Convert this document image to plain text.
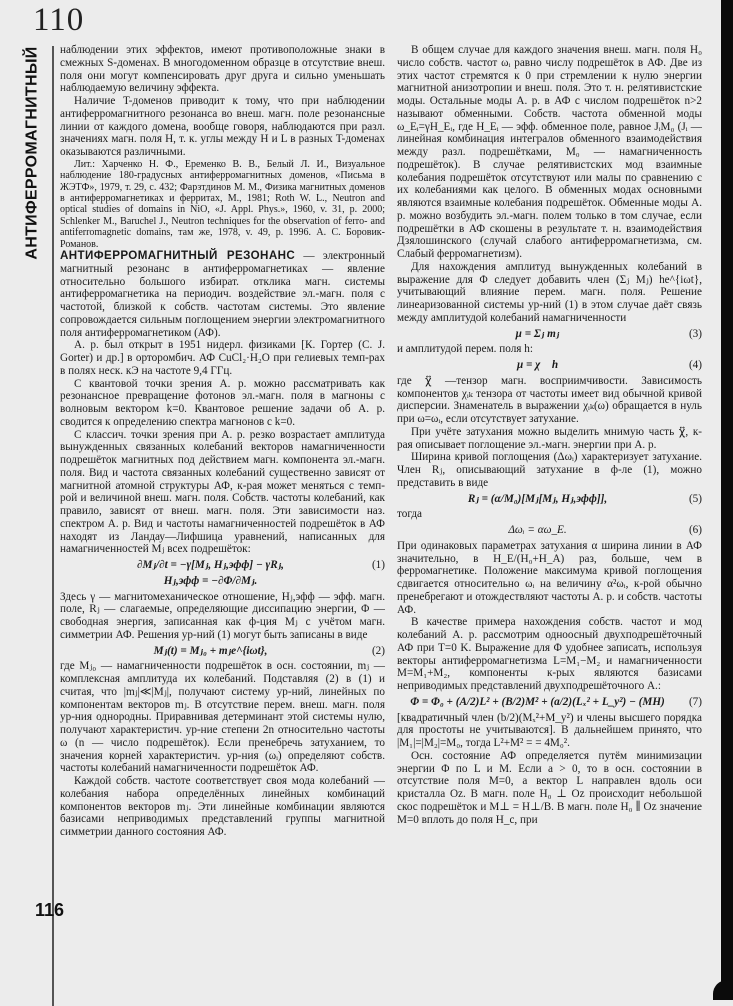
110
АНТИФЕРРОМАГНИТНЫЙ
116

наблюдении этих эффектов, имеют противоположные знаки в смежных S-доменах. В многодоменном образце в отсутствие внеш. поля они могут компенсировать друг друга и сильно уменьшать наблюдаемую величину эффекта.

Наличие T-доменов приводит к тому, что при наблюдении антиферромагнитного резонанса во внеш. магн. поле резонансные линии от каждого домена, вообще говоря, наблюдаются при разл. значениях магн. поля H, т. к. углы между H и L в разных T-доменах оказываются различными.

Лит.: Харченко Н. Ф., Еременко В. В., Белый Л. И., Визуальное наблюдение 180-градусных антиферромагнитных доменов, «Письма в ЖЭТФ», 1979, т. 29, с. 432; Фарзтдинов М. М., Физика магнитных доменов в антиферромагнетиках и ферритах, М., 1981; Roth W. L., Neutron and optical studies of domains in NiO, «J. Appl. Phys.», 1960, v. 31, p. 2000; Schlenker M., Baruchel J., Neutron techniques for the observation of ferro- and antiferromagnetic domains, там же, 1978, v. 49, p. 1996. А. С. Боровик-Романов.

АНТИФЕРРОМАГНИТНЫЙ РЕЗОНАНС — электронный магнитный резонанс в антиферромагнетиках — явление относительно большого избират. отклика магн. системы антиферромагнетика на периодич. воздействие эл.-магн. поля с частотой, близкой к собств. частотам системы. Это явление сопровождается сильным поглощением энергии электромагнитного поля антиферромагнетиком (АФ).

А. р. был открыт в 1951 нидерл. физиками [К. Гортер (C. J. Gorter) и др.] в орторомбич. АФ CuCl₂·H₂O при гелиевых темп-рах в полях неск. кЭ на частоте 9,4 ГГц.

С квантовой точки зрения А. р. можно рассматривать как резонансное превращение фотонов эл.-магн. поля в магноны с волновым вектором k=0. Квантовое решение задачи об А. р. сводится к определению спектра магнонов с k=0.

С классич. точки зрения при А. р. резко возрастает амплитуда вынужденных связанных колебаний векторов намагниченности подрешёток магнитных под действием магн. компонента эл.-магн. поля. Вид и частота связанных колебаний существенно зависят от магнитной атомной структуры АФ, к-рая может меняться с темп-рой и величиной внеш. магн. поля. Собств. частоты колебаний, как правило, зависят от внеш. магн. поля. Эти зависимости наз. спектром А. р. Вид и частоты намагниченностей подрешёток в АФ находят из Ландау—Лифшица уравнений, написанных для намагниченностей Mⱼ всех подрешёток:

∂Mⱼ/∂t = −γ[Mⱼ, Hⱼ,эфф] − γRⱼ,	(1)
Hⱼ,эфф = −∂Φ/∂Mⱼ.

Здесь γ — магнитомеханическое отношение, Hⱼ,эфф — эфф. магн. поле, Rⱼ — слагаемые, определяющие диссипацию энергии, Φ — свободная энергия, записанная как ф-ция Mⱼ с учётом магн. симметрии АФ. Решения ур-ний (1) могут быть записаны в виде

Mⱼ(t) = Mⱼ₀ + mⱼe^{iωt},	(2)

где Mⱼ₀ — намагниченности подрешёток в осн. состоянии, mⱼ —комплексная амплитуда их колебаний. Подставляя (2) в (1) и считая, что |mⱼ|≪|Mⱼ|, получают систему ур-ний, линейных по компонентам векторов mⱼ. В отсутствие перем. внеш. магн. поля ур-ния однородны. Приравнивая детерминант этой системы нулю, получают характеристич. ур-ние степени 2n относительно частоты ω (n — число подрешёток). Если пренебречь затуханием, то значения корней характеристич. ур-ния (ωᵢ) определяют собств. частоты колебаний намагниченности подрешёток АФ.

Каждой собств. частоте соответствует своя мода колебаний — колебания набора определённых линейных комбинаций компонентов векторов mⱼ. Эти линейные комбинации являются базисами неприводимых представлений группы магнитной симметрии данного состояния АФ.

В общем случае для каждого значения внеш. магн. поля H₀ число собств. частот ωᵢ равно числу подрешёток в АФ. Две из этих частот стремятся к 0 при стремлении к нулю энергии магнитной анизотропии и внеш. поля. Это т. н. релятивистские моды. Остальные моды А. р. в АФ с числом подрешёток n>2 называют обменными. Собств. частота обменной моды ω_Eᵢ=γH_Eᵢ, где H_Eᵢ — эфф. обменное поле, равное JᵢM₀ (Jᵢ — линейная комбинация интегралов обменного взаимодействия между разл. подрешётками, M₀ — намагниченность подрешёток). В случае релятивистских мод взаимные колебания подрешёток отсутствуют или малы по сравнению с их колебаниями как целого. В обменных модах основными являются взаимные колебания подрешёток. Обменные моды А. р. можно возбудить эл.-магн. полем только в том случае, если подрешётки в АФ скошены в результате т. н. взаимодействия Дзялошинского (случай слабого антиферромагнетизма, см. Слабый ферромагнетизм).

Для нахождения амплитуд вынужденных колебаний в выражение для Φ следует добавить член (Σⱼ Mⱼ) he^{iωt}, учитывающий влияние перем. магн. поля. Решение линеаризованной системы ур-ний (1) в этом случае даёт связь между амплитудой колебаний намагниченности

μ = Σⱼ mⱼ	(3)

и амплитудой перем. поля h:

μ = χ⃡ h	(4)

где χ⃡ —тензор магн. восприимчивости. Зависимость компонентов χᵢₖ тензора от частоты имеет вид обычной кривой дисперсии. Знаменатель в выражении χᵢₖ(ω) обращается в нуль при ω=ωᵢ, если отсутствует затухание.

При учёте затухания можно выделить мнимую часть χ⃡, к-рая описывает поглощение эл.-магн. энергии при А. р.

Ширина кривой поглощения (Δωᵢ) характеризует затухание. Член Rⱼ, описывающий затухание в ф-ле (1), можно представить в виде

Rⱼ = (α/M₀)[Mⱼ[Mⱼ, Hⱼ,эфф]],	(5)

тогда

Δωᵢ = αω_E.	(6)

При одинаковых параметрах затухания α ширина линии в АФ значительно, в H_E/(H₀+H_A) раз, больше, чем в ферромагнетике. Положение максимума кривой поглощения сдвигается относительно ωᵢ на величину α²ωᵢ, к-рой обычно пренебрегают и отождествляют частоты А. р. и собств. частоты АФ.

В качестве примера нахождения собств. частот и мод колебаний А. р. рассмотрим одноосный двухподрешёточный АФ при T=0 K. Выражение для Φ удобнее записать, используя векторы антиферромагнетизма L=M₁−M₂ и намагниченности M=M₁+M₂, компоненты к-рых являются базисами неприводимых представлений двухподрешёточного А.:

Φ = Φ₀ + (A/2)L² + (B/2)M² + (a/2)(Lₓ² + L_y²) − (MH)	(7)

[квадратичный член (b/2)(Mₓ²+M_y²) и члены высшего порядка для простоты не учитываются]. В дальнейшем принято, что |M₁|=|M₂|=M₀, тогда L²+M² = = 4M₀².

Осн. состояние АФ определяется путём минимизации энергии Φ по L и M. Если a > 0, то в осн. состоянии в отсутствие поля M=0, а вектор L направлен вдоль оси кристалла Oz. В магн. поле H₀ ⊥ Oz происходит небольшой скос подрешёток и M⊥ = H⊥/B. В магн. поле H₀ ∥ Oz значение M=0 вплоть до поля H_c, при
